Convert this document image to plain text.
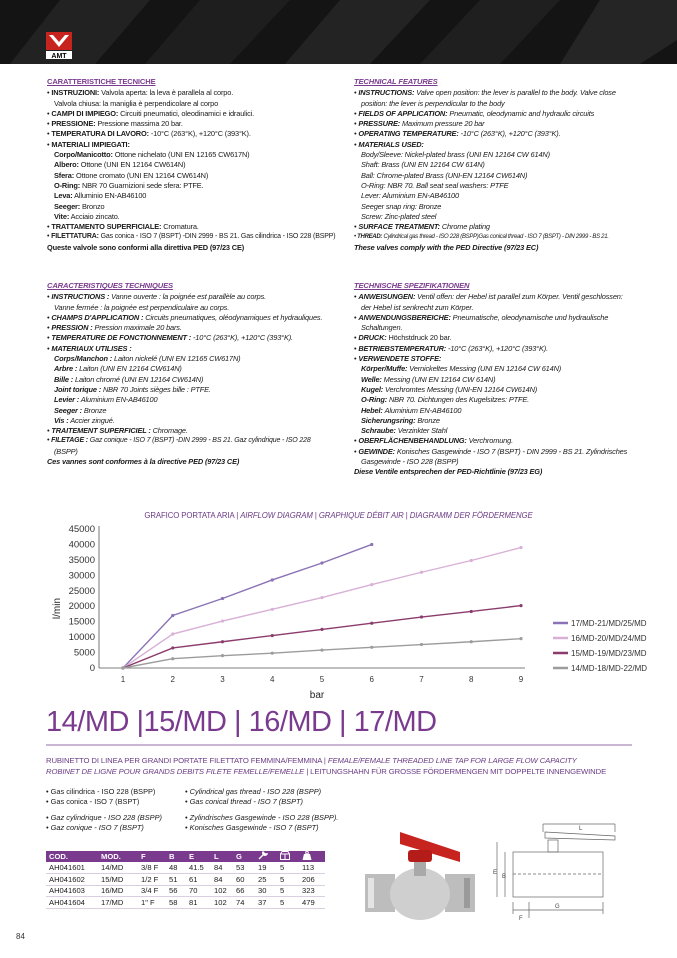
AMT
CARATTERISTICHE TECNICHE
• INSTRUZIONI: Valvola aperta: la leva è parallela al corpo.
Valvola chiusa: la maniglia è perpendicolare al corpo
• CAMPI DI IMPIEGO: Circuiti pneumatici, oleodinamici e idraulici.
• PRESSIONE: Pressione massima 20 bar.
• TEMPERATURA DI LAVORO: -10°C (263°K), +120°C (393°K).
• MATERIALI IMPIEGATI:
Corpo/Manicotto: Ottone nichelato (UNI EN 12165 CW617N)
Albero: Ottone (UNI EN 12164 CW614N)
Sfera: Ottone cromato (UNI EN 12164 CW614N)
O-Ring: NBR 70 Guarnizioni sede sfera: PTFE.
Leva: Alluminio EN-AB46100
Seeger: Bronzo
Vite: Acciaio zincato.
• TRATTAMENTO SUPERFICIALE: Cromatura.
• FILETTATURA: Gas conica - ISO 7 (BSPT) -DIN 2999 - BS 21. Gas cilindrica - ISO 228 (BSPP)
Queste valvole sono conformi alla direttiva PED (97/23 CE)
TECHNICAL FEATURES
• INSTRUCTIONS: Valve open position: the lever is parallel to the body. Valve close
position: the lever is perpendicular to the body
• FIELDS OF APPLICATION: Pneumatic, oleodynamic and hydraulic circuits
• PRESSURE: Maximum pressure 20 bar
• OPERATING TEMPERATURE: -10°C (263°K), +120°C (393°K).
• MATERIALS USED:
Body/Sleeve: Nickel-plated brass (UNI EN 12164 CW 614N)
Shaft: Brass (UNI EN 12164 CW 614N)
Ball: Chrome-plated Brass (UNI-EN 12164 CW614N)
O-Ring: NBR 70. Ball seat seal washers: PTFE
Lever: Aluminium EN-AB46100
Seeger snap ring: Bronze
Screw: Zinc-plated steel
• SURFACE TREATMENT: Chrome plating
• THREAD: Cylindrical gas thread - ISO 228 (BSPP)Gas conical thread - ISO 7 (BSPT) - DIN 2999 - BS 21.
These valves comply with the PED Directive (97/23 EC)
CARACTERISTIQUES TECHNIQUES
• INSTRUCTIONS : Vanne ouverte : la poignée est parallèle au corps.
Vanne fermée : la poignée est perpendiculaire au corps.
• CHAMPS D'APPLICATION : Circuits pneumatiques, oléodynamiques et hydrauliques.
• PRESSION : Pression maximale 20 bars.
• TEMPERATURE DE FONCTIONNEMENT : -10°C (263°K), +120°C (393°K).
• MATERIAUX UTILISES :
Corps/Manchon : Laiton nickelé (UNI EN 12165 CW617N)
Arbre : Laiton (UNI EN 12164 CW614N)
Bille : Laiton chromé (UNI EN 12164 CW614N)
Joint torique : NBR 70 Joints sièges bille : PTFE.
Levier : Aluminium EN-AB46100
Seeger : Bronze
Vis : Accier zingué.
• TRAITEMENT SUPERFICIEL : Chromage.
• FILETAGE : Gaz conique - ISO 7 (BSPT) -DIN 2999 - BS 21. Gaz cylindrique - ISO 228
(BSPP)
Ces vannes sont conformes à la directive PED (97/23 CE)
TECHNISCHE SPEZIFIKATIONEN
• ANWEISUNGEN: Ventil offen: der Hebel ist parallel zum Körper. Ventil geschlossen:
der Hebel ist senkrecht zum Körper.
• ANWENDUNGSBEREICHE: Pneumatische, oleodynamische und hydraulische
Schaltungen.
• DRUCK: Höchstdruck 20 bar.
• BETRIEBSTEMPERATUR: -10°C (263°K), +120°C (393°K).
• VERWENDETE STOFFE:
Körper/Muffe: Vernickeltes Messing (UNI EN 12164 CW 614N)
Welle: Messing (UNI EN 12164 CW 614N)
Kugel: Verchromtes Messing (UNI-EN 12164 CW614N)
O-Ring: NBR 70. Dichtungen des Kugelsitzes: PTFE.
Hebel: Aluminium EN-AB46100
Sicherungsring: Bronze
Schraube: Verzinkter Stahl
• OBERFLÄCHENBEHANDLUNG: Verchromung.
• GEWINDE: Konisches Gasgewinde - ISO 7 (BSPT) - DIN 2999 - BS 21. Zylindrisches
Gasgewinde - ISO 228 (BSPP)
Diese Ventile entsprechen der PED-Richtlinie (97/23 EG)
GRAFICO PORTATA ARIA | AIRFLOW DIAGRAM | GRAPHIQUE DÉBIT AIR | DIAGRAMM DER FÖRDERMENGE
0
5000
10000
15000
20000
25000
30000
35000
40000
45000
1	2	3	4	5	6	7	8	9
bar
l/min
17/MD-21/MD/25/MD
16/MD-20/MD/24/MD
15/MD-19/MD/23/MD
14/MD-18/MD-22/MD
14/MD |15/MD | 16/MD | 17/MD
RUBINETTO DI LINEA PER GRANDI PORTATE FILETTATO FEMMINA/FEMMINA | FEMALE/FEMALE THREADED LINE TAP FOR LARGE FLOW CAPACITY
ROBINET DE LIGNE POUR GRANDS DEBITS FILETE FEMELLE/FEMELLE | LEITUNGSHAHN FÜR GROSSE FÖRDERMENGEN MIT DOPPELTE INNENGEWINDE
• Gas cilindrica - ISO 228 (BSPP)
• Gas conica - ISO 7 (BSPT)
• Cylindrical gas thread - ISO 228 (BSPP)
• Gas conical thread - ISO 7 (BSPT)
• Gaz cylindrique - ISO 228 (BSPP)
• Gaz conique - ISO 7 (BSPT)
• Zylindrisches Gasgewinde - ISO 228 (BSPP).
• Konisches Gasgewinde - ISO 7 (BSPT)
COD.	MOD.	F	B	E	L	G			
AH041601	14/MD	3/8 F	48	41.5	84	53	19	5	113
AH041602	15/MD	1/2 F	51	61	84	60	25	5	206
AH041603	16/MD	3/4 F	56	70	102	66	30	5	323
AH041604	17/MD	1" F	58	81	102	74	37	5	479
L
E
B
G
F
84
